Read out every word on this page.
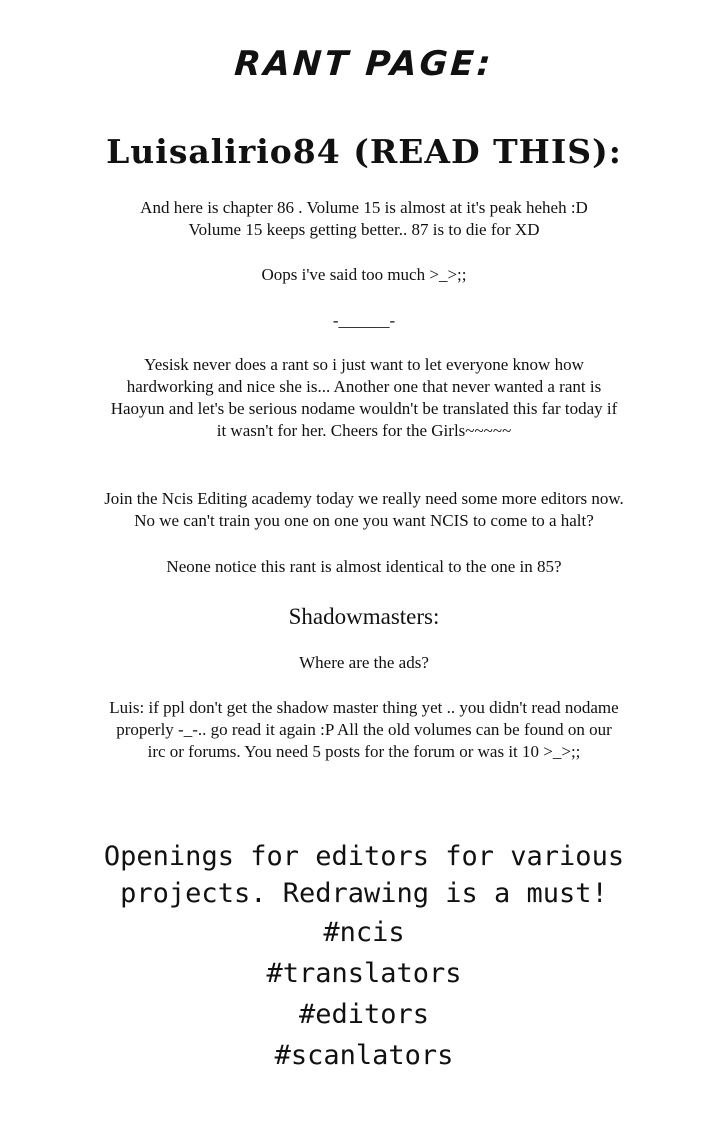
RANT PAGE:
Luisalirio84 (READ THIS):
And here is chapter 86 . Volume 15 is almost at it's peak heheh :D
Volume 15 keeps getting better.. 87 is to die for XD
Oops i've said too much >_>;;
-______-
Yesisk never does a rant so i just want to let everyone know how
hardworking and nice she is... Another one that never wanted a rant is
Haoyun and let's be serious nodame wouldn't be translated this far today if
it wasn't for her. Cheers for the Girls~~~~~
Join the Ncis Editing academy today we really need some more editors now.
No we can't train you one on one you want NCIS to come to a halt?
Neone notice this rant is almost identical to the one in 85?
Shadowmasters:
Where are the ads?
Luis: if ppl don't get the shadow master thing yet .. you didn't read nodame
properly -_-.. go read it again :P All the old volumes can be found on our
irc or forums. You need 5 posts for the forum or was it 10 >_>;;
Openings for editors for various
projects. Redrawing is a must!
#ncis
#translators
#editors
#scanlators
